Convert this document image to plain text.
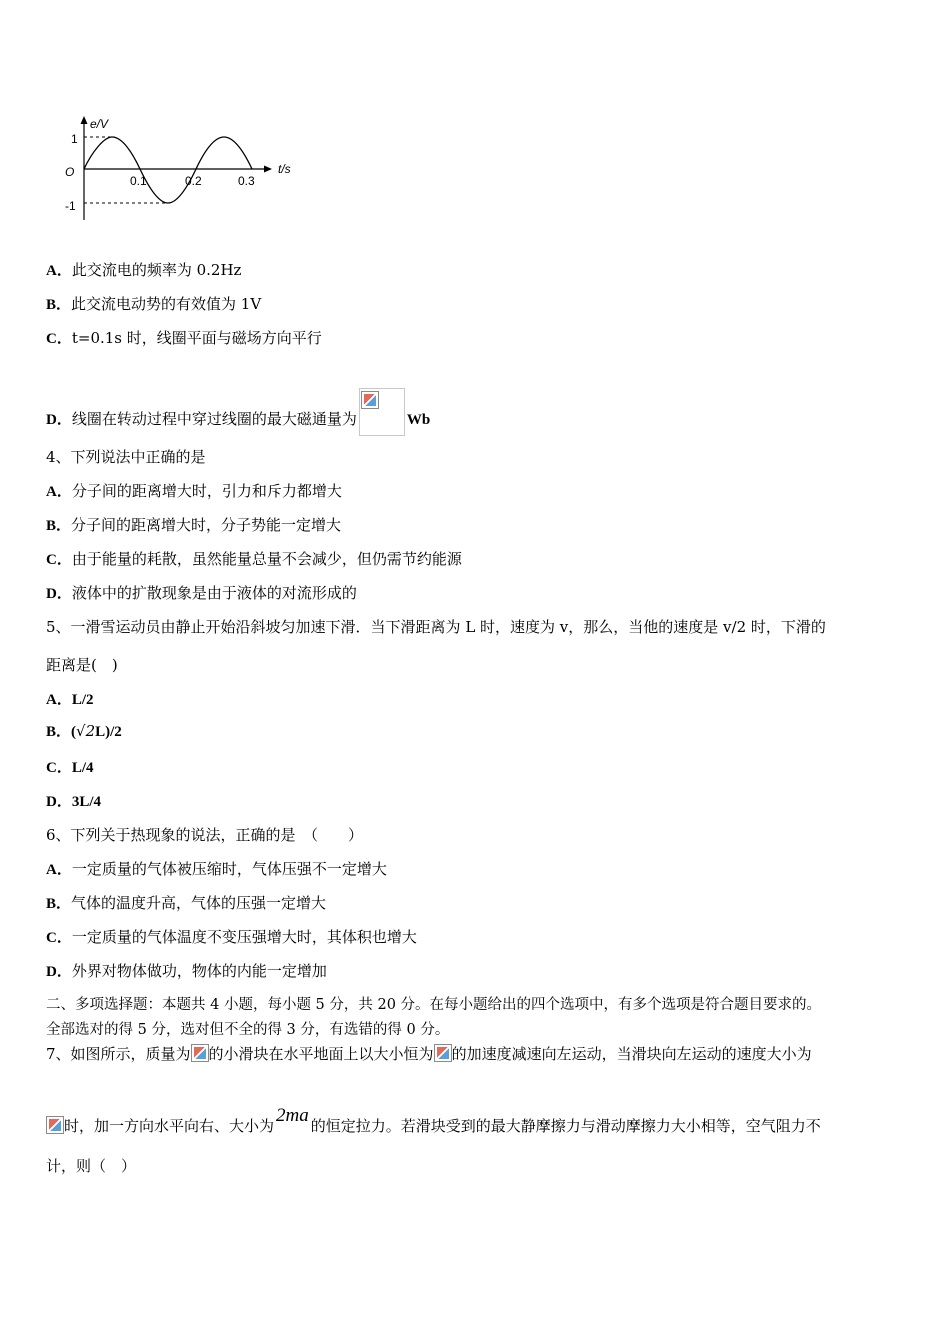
e/V
t/s
O
1
-1
0.1	0.2	0.3
A．此交流电的频率为 0.2Hz
B．此交流电动势的有效值为 1V
C．t=0.1s 时，线圈平面与磁场方向平行
D．线圈在转动过程中穿过线圈的最大磁通量为	Wb
4、下列说法中正确的是
A．分子间的距离增大时，引力和斥力都增大
B．分子间的距离增大时，分子势能一定增大
C．由于能量的耗散，虽然能量总量不会减少，但仍需节约能源
D．液体中的扩散现象是由于液体的对流形成的
5、一滑雪运动员由静止开始沿斜坡匀加速下滑．当下滑距离为 L 时，速度为 v，那么，当他的速度是 v/2 时，下滑的
距离是(　)
A．L/2
B．(√2L)/2
C．L/4
D．3L/4
6、下列关于热现象的说法，正确的是　（　　）
A．一定质量的气体被压缩时，气体压强不一定增大
B．气体的温度升高，气体的压强一定增大
C．一定质量的气体温度不变压强增大时，其体积也增大
D．外界对物体做功，物体的内能一定增加
二、多项选择题：本题共 4 小题，每小题 5 分，共 20 分。在每小题给出的四个选项中，有多个选项是符合题目要求的。
全部选对的得 5 分，选对但不全的得 3 分，有选错的得 0 分。
7、如图所示，质量为 的小滑块在水平地面上以大小恒为 的加速度减速向左运动，当滑块向左运动的速度大小为
时，加一方向水平向右、大小为 2ma 的恒定拉力。若滑块受到的最大静摩擦力与滑动摩擦力大小相等，空气阻力不
计，则（　）
